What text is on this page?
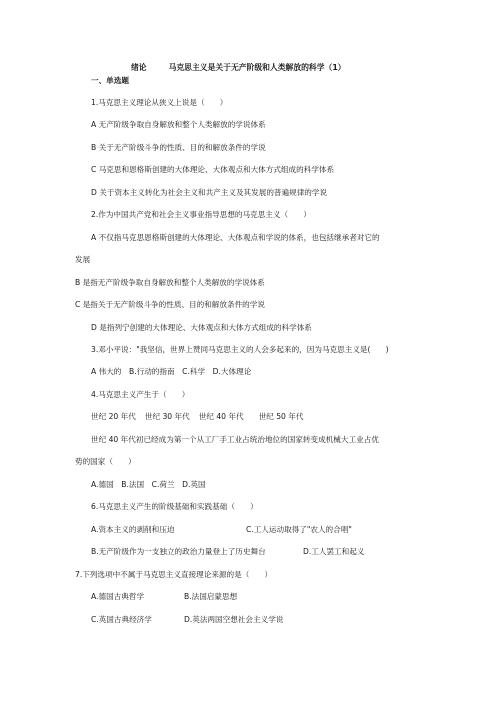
绪论	马克思主义是关于无产阶级和人类解放的科学（1）
一、单选题
1.马克思主义理论从狭义上说是（　　）
A 无产阶级争取自身解放和整个人类解放的学说体系
B 关于无产阶级斗争的性质、目的和解放条件的学说
C 马克思和恩格斯创建的大体理论、大体观点和大体方式组成的科学体系
D 关于资本主义转化为社会主义和共产主义及其发展的普遍规律的学说
2.作为中国共产党和社会主义事业指导思想的马克思主义（　　）
A 不仅指马克思恩格斯创建的大体理论、大体观点和学说的体系，也包括继承者对它的
发展
B 是指无产阶级争取自身解放和整个人类解放的学说体系
C 是指关于无产阶级斗争的性质、目的和解放条件的学说
D 是指列宁创建的大体理论、大体观点和大体方式组成的科学体系
3.邓小平说："我坚信，世界上赞同马克思主义的人会多起来的，因为马克思主义是(　　)
A 伟大的　B.行动的指南　C.科学　D.大体理论
4.马克思主义产生于（　　）
世纪 20 年代 世纪 30 年代 世纪 40 年代 世纪 50 年代
世纪 40 年代初已经成为第一个从工厂手工业占统治地位的国家转变成机械大工业占优
势的国家（　　）
A.德国　B.法国　C.荷兰　D.英国
6.马克思主义产生的阶级基础和实践基础（　　）
A.资本主义的剥削和压迫	C.工人运动取得了"农人的合唱"
B.无产阶级作为一支独立的政治力量登上了历史舞台	D.工人罢工和起义
7.下列选项中不属于马克思主义直接理论来源的是（　　）
A.德国古典哲学	B.法国启蒙思想
C.英国古典经济学	D.英法两国空想社会主义学说
